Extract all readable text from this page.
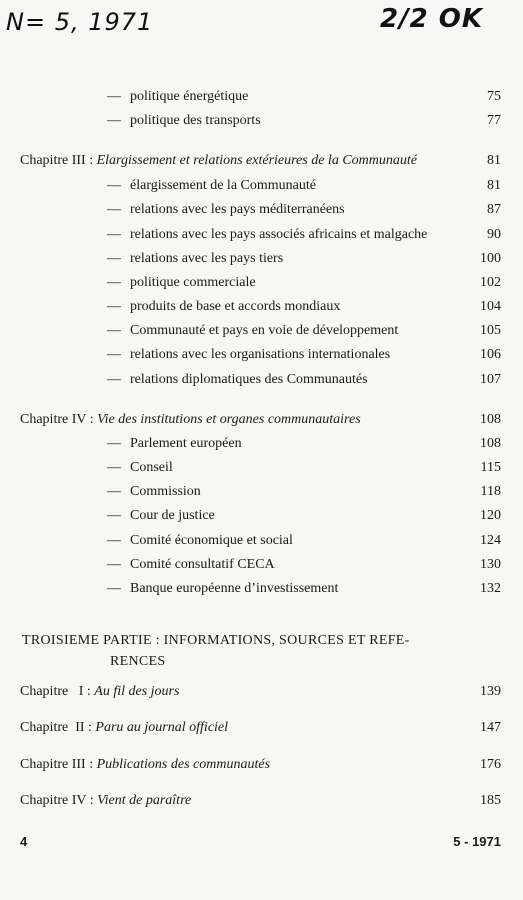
N= 5, 1971	2/2 OK
— politique énergétique	75
— politique des transports	77
Chapitre III : Elargissement et relations extérieures de la Communauté	81
— élargissement de la Communauté	81
— relations avec les pays méditerranéens	87
— relations avec les pays associés africains et malgache	90
— relations avec les pays tiers	100
— politique commerciale	102
— produits de base et accords mondiaux	104
— Communauté et pays en voie de développement	105
— relations avec les organisations internationales	106
— relations diplomatiques des Communautés	107
Chapitre IV : Vie des institutions et organes communautaires	108
— Parlement européen	108
— Conseil	115
— Commission	118
— Cour de justice	120
— Comité économique et social	124
— Comité consultatif CECA	130
— Banque européenne d’investissement	132
TROISIEME PARTIE : INFORMATIONS, SOURCES ET REFE-
RENCES
Chapitre   I : Au fil des jours	139
Chapitre  II : Paru au journal officiel	147
Chapitre III : Publications des communautés	176
Chapitre IV : Vient de paraître	185
4	5 - 1971
